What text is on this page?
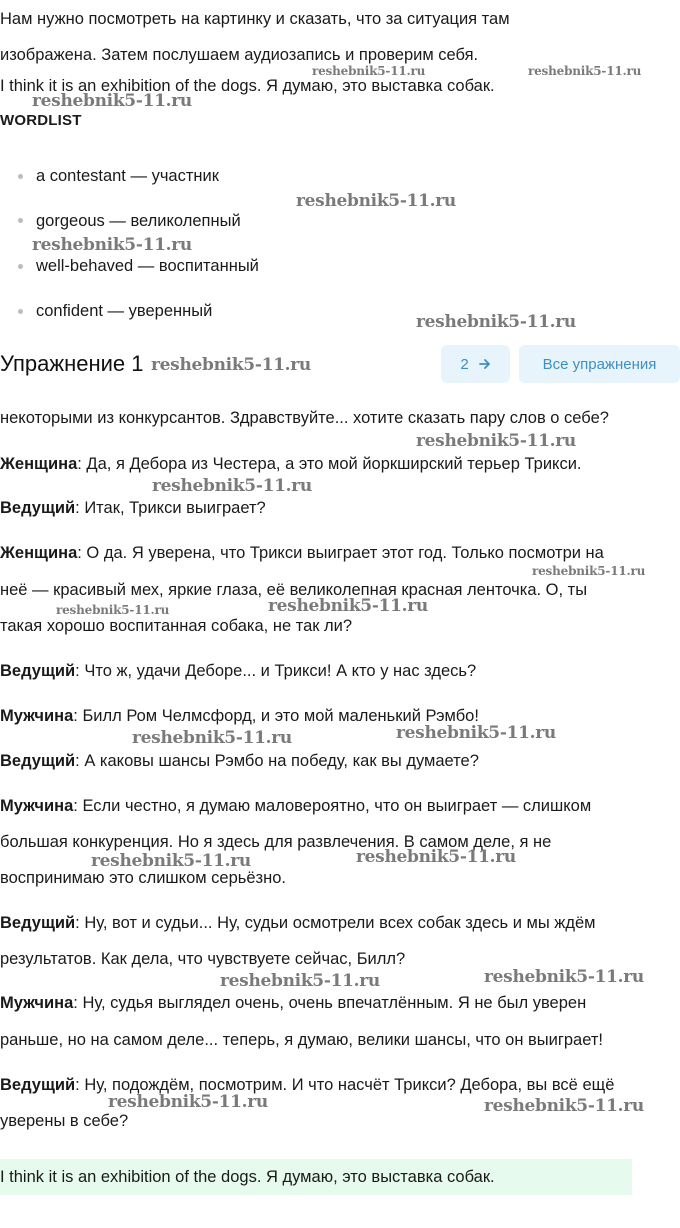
Нам нужно посмотреть на картинку и сказать, что за ситуация там
изображена. Затем послушаем аудиозапись и проверим себя.
I think it is an exhibition of the dogs. Я думаю, это выставка собак.
WORDLIST
a contestant — участник
gorgeous — великолепный
well-behaved — воспитанный
confident — уверенный
Упражнение 1	2	Все упражнения
некоторыми из конкурсантов. Здравствуйте... хотите сказать пару слов о себе?
Женщина: Да, я Дебора из Честера, а это мой йоркширский терьер Трикси.
Ведущий: Итак, Трикси выиграет?
Женщина: О да. Я уверена, что Трикси выиграет этот год. Только посмотри на
неё — красивый мех, яркие глаза, её великолепная красная ленточка. О, ты
такая хорошо воспитанная собака, не так ли?
Ведущий: Что ж, удачи Деборе... и Трикси! А кто у нас здесь?
Мужчина: Билл Ром Челмсфорд, и это мой маленький Рэмбо!
Ведущий: А каковы шансы Рэмбо на победу, как вы думаете?
Мужчина: Если честно, я думаю маловероятно, что он выиграет — слишком
большая конкуренция. Но я здесь для развлечения. В самом деле, я не
воспринимаю это слишком серьёзно.
Ведущий: Ну, вот и судьи... Ну, судьи осмотрели всех собак здесь и мы ждём
результатов. Как дела, что чувствуете сейчас, Билл?
Мужчина: Ну, судья выглядел очень, очень впечатлённым. Я не был уверен
раньше, но на самом деле... теперь, я думаю, велики шансы, что он выиграет!
Ведущий: Ну, подождём, посмотрим. И что насчёт Трикси? Дебора, вы всё ещё
уверены в себе?
I think it is an exhibition of the dogs. Я думаю, это выставка собак.
reshebnik5-11.ru	reshebnik5-11.ru
reshebnik5-11.ru
reshebnik5-11.ru
reshebnik5-11.ru
reshebnik5-11.ru
reshebnik5-11.ru
reshebnik5-11.ru
reshebnik5-11.ru
reshebnik5-11.ru
reshebnik5-11.ru	reshebnik5-11.ru
reshebnik5-11.ru	reshebnik5-11.ru
reshebnik5-11.ru	reshebnik5-11.ru
reshebnik5-11.ru	reshebnik5-11.ru
reshebnik5-11.ru	reshebnik5-11.ru
